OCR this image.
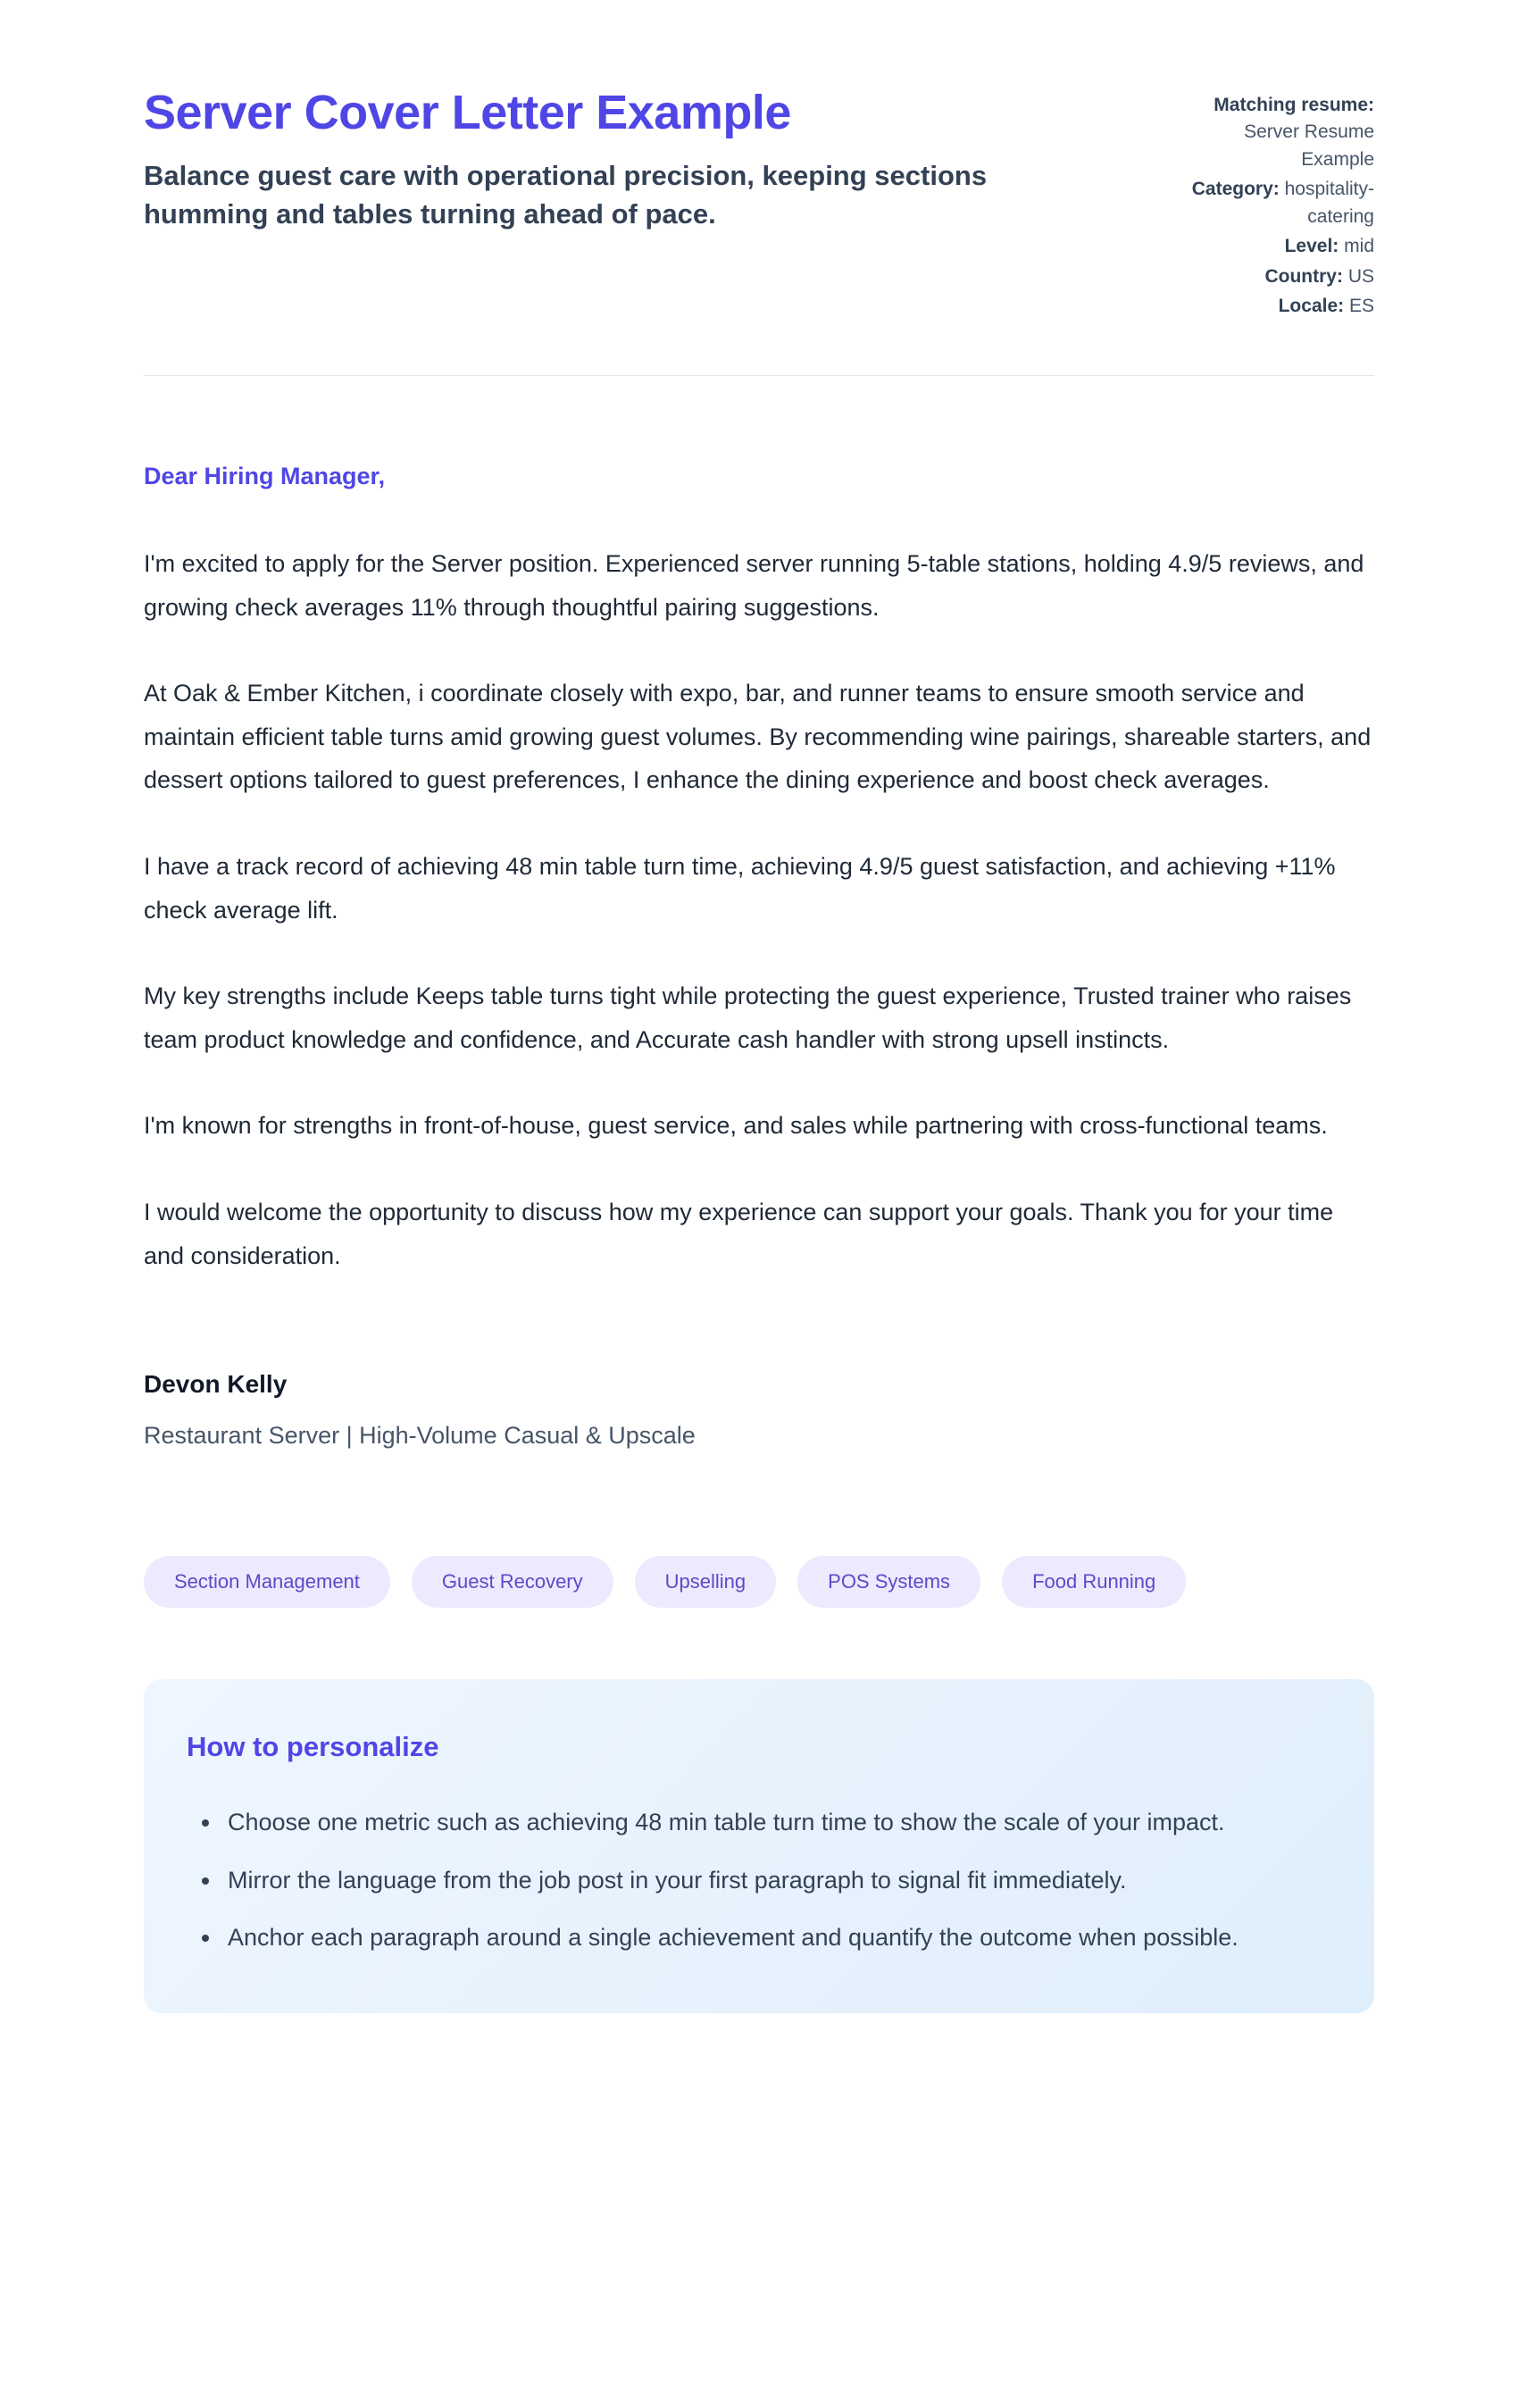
Server Cover Letter Example

Balance guest care with operational precision, keeping sections humming and tables turning ahead of pace.

Matching resume: Server Resume Example
Category: hospitality-catering
Level: mid
Country: US
Locale: ES

Dear Hiring Manager,

I'm excited to apply for the Server position. Experienced server running 5-table stations, holding 4.9/5 reviews, and growing check averages 11% through thoughtful pairing suggestions.

At Oak & Ember Kitchen, i coordinate closely with expo, bar, and runner teams to ensure smooth service and maintain efficient table turns amid growing guest volumes. By recommending wine pairings, shareable starters, and dessert options tailored to guest preferences, I enhance the dining experience and boost check averages.

I have a track record of achieving 48 min table turn time, achieving 4.9/5 guest satisfaction, and achieving +11% check average lift.

My key strengths include Keeps table turns tight while protecting the guest experience, Trusted trainer who raises team product knowledge and confidence, and Accurate cash handler with strong upsell instincts.

I'm known for strengths in front-of-house, guest service, and sales while partnering with cross-functional teams.

I would welcome the opportunity to discuss how my experience can support your goals. Thank you for your time and consideration.

Devon Kelly

Restaurant Server | High-Volume Casual & Upscale

Section Management	Guest Recovery	Upselling	POS Systems	Food Running
How to personalize
• Choose one metric such as achieving 48 min table turn time to show the scale of your impact.
• Mirror the language from the job post in your first paragraph to signal fit immediately.
• Anchor each paragraph around a single achievement and quantify the outcome when possible.
